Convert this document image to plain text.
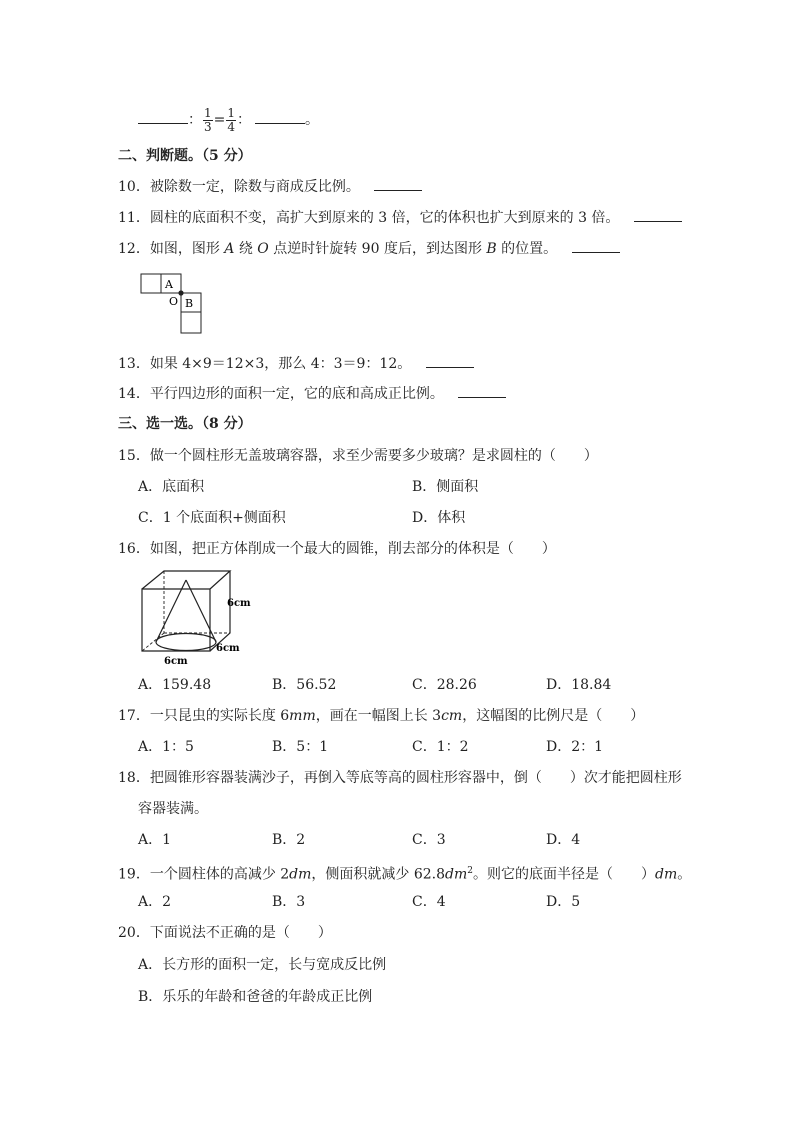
： $\frac{1}{3} = \frac{1}{4}$ ：	。
二、判断题。（5 分）
10．被除数一定，除数与商成反比例。
11．圆柱的底面积不变，高扩大到原来的 3 倍，它的体积也扩大到原来的 3 倍。
12．如图，图形 A 绕 O 点逆时针旋转 90 度后，到达图形 B 的位置。
A
O B
13．如果 4×9＝12×3，那么 4：3＝9：12。
14．平行四边形的面积一定，它的底和高成正比例。
三、选一选。（8 分）
15．做一个圆柱形无盖玻璃容器，求至少需要多少玻璃？是求圆柱的（　　）
A．底面积	B．侧面积
C．1 个底面积+侧面积	D．体积
16．如图，把正方体削成一个最大的圆锥，削去部分的体积是（　　）
6cm
6cm
6cm
A．159.48	B．56.52	C．28.26	D．18.84
17．一只昆虫的实际长度 6mm，画在一幅图上长 3cm，这幅图的比例尺是（　　）
A．1：5	B．5：1	C．1：2	D．2：1
18．把圆锥形容器装满沙子，再倒入等底等高的圆柱形容器中，倒（　　）次才能把圆柱形
容器装满。
A．1	B．2	C．3	D．4
19．一个圆柱体的高减少 2dm，侧面积就减少 $62.8dm^2$。则它的底面半径是（　　）dm。
A．2	B．3	C．4	D．5
20．下面说法不正确的是（　　）
A．长方形的面积一定，长与宽成反比例
B．乐乐的年龄和爸爸的年龄成正比例
